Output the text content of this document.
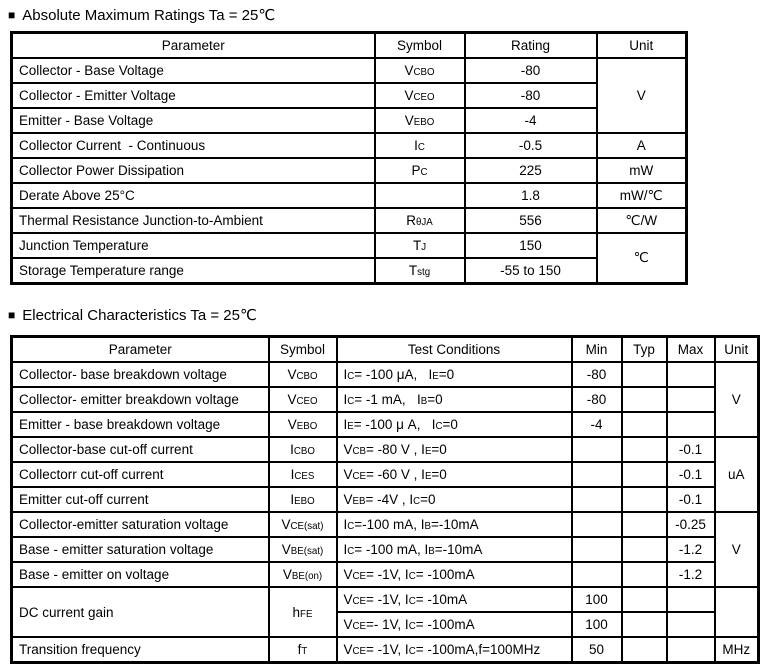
■ Absolute Maximum Ratings Ta = 25℃
Parameter	Symbol	Rating	Unit
Collector - Base Voltage	VCBO	-80	V
Collector - Emitter Voltage	VCEO	-80	
Emitter - Base Voltage	VEBO	-4	
Collector Current  - Continuous	IC	-0.5	A
Collector Power Dissipation	PC	225	mW
Derate Above 25°C		1.8	mW/℃
Thermal Resistance Junction-to-Ambient	RθJA	556	℃/W
Junction Temperature	TJ	150	℃
Storage Temperature range	Tstg	-55 to 150	
■ Electrical Characteristics Ta = 25℃
Parameter	Symbol	Test Conditions	Min	Typ	Max	Unit
Collector- base breakdown voltage	VCBO	IC= -100 μA,   IE=0	-80			V
Collector- emitter breakdown voltage	VCEO	IC= -1 mA,   IB=0	-80			
Emitter - base breakdown voltage	VEBO	IE= -100 μ A,   IC=0	-4			
Collector-base cut-off current	ICBO	VCB= -80 V , IE=0			-0.1	uA
Collectorr cut-off current	ICES	VCE= -60 V , IE=0			-0.1	
Emitter cut-off current	IEBO	VEB= -4V , IC=0			-0.1	
Collector-emitter saturation voltage	VCE(sat)	IC=-100 mA, IB=-10mA			-0.25	V
Base - emitter saturation voltage	VBE(sat)	IC= -100 mA, IB=-10mA			-1.2	
Base - emitter on voltage	VBE(on)	VCE= -1V, IC= -100mA			-1.2	
DC current gain	hFE	VCE= -1V, IC= -10mA	100			
		VCE=- 1V, IC= -100mA	100			
Transition frequency	fT	VCE= -1V, IC= -100mA,f=100MHz	50			MHz
